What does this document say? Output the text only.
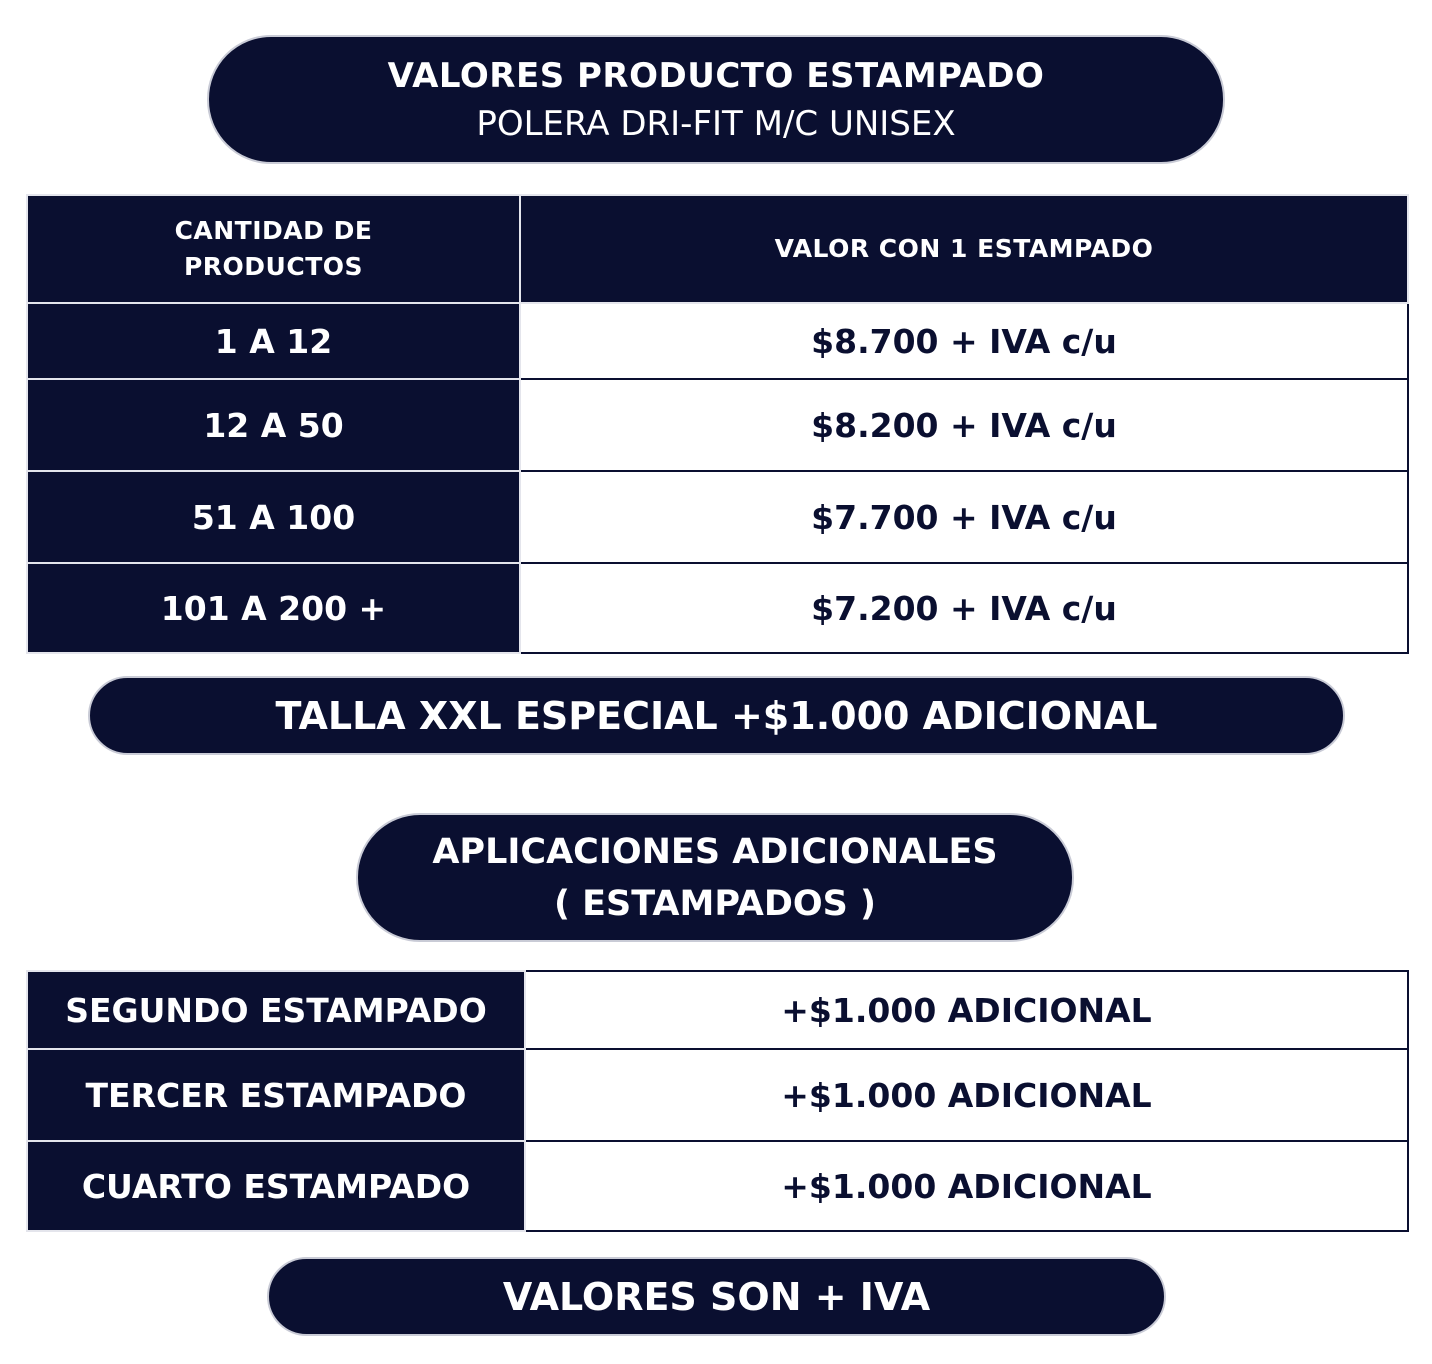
VALORES PRODUCTO ESTAMPADO
POLERA DRI-FIT M/C UNISEX
CANTIDAD DE PRODUCTOS	VALOR CON 1 ESTAMPADO
1 A 12	$8.700 + IVA c/u
12 A 50	$8.200 + IVA c/u
51 A 100	$7.700 + IVA c/u
101 A 200 +	$7.200 + IVA c/u
TALLA XXL ESPECIAL +$1.000 ADICIONAL
APLICACIONES ADICIONALES
( ESTAMPADOS )
SEGUNDO ESTAMPADO	+$1.000 ADICIONAL
TERCER ESTAMPADO	+$1.000 ADICIONAL
CUARTO ESTAMPADO	+$1.000 ADICIONAL
VALORES SON + IVA
